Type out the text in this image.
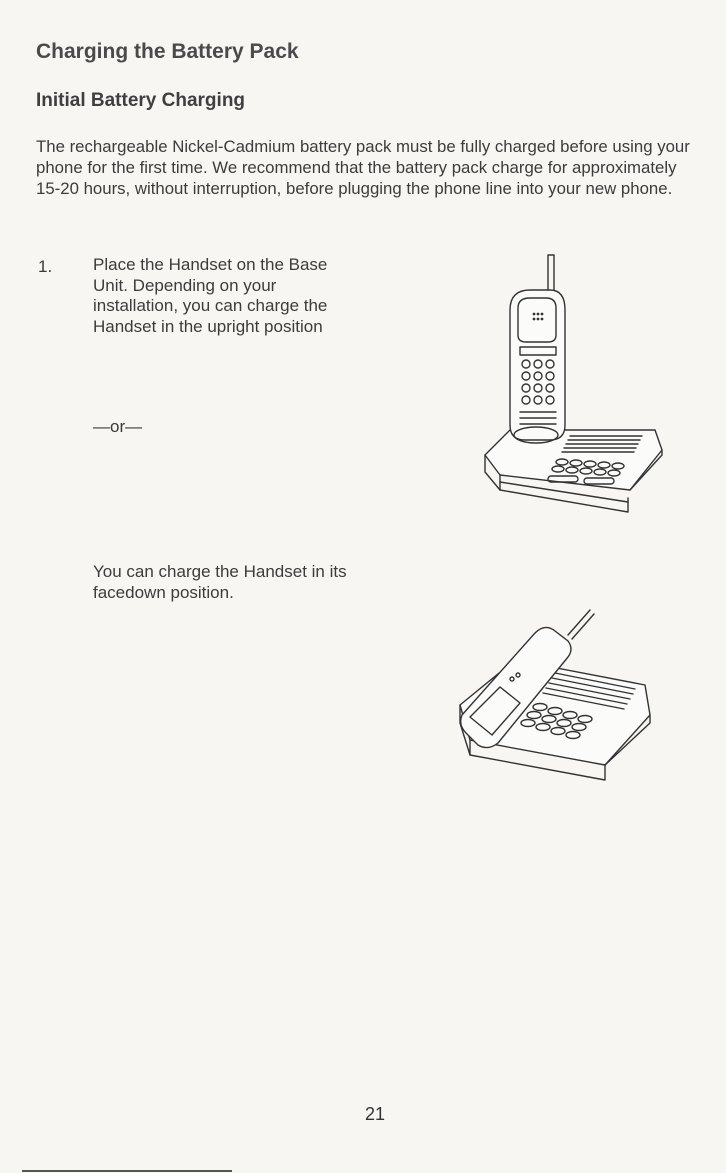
Charging the Battery Pack
Initial Battery Charging

The rechargeable Nickel-Cadmium battery pack must be fully charged before using your phone for the first time. We recommend that the battery pack charge for approximately 15-20 hours, without interruption, before plugging the phone line into your new phone.

1. Place the Handset on the Base Unit. Depending on your installation, you can charge the Handset in the upright position

—or—

You can charge the Handset in its facedown position.

21
